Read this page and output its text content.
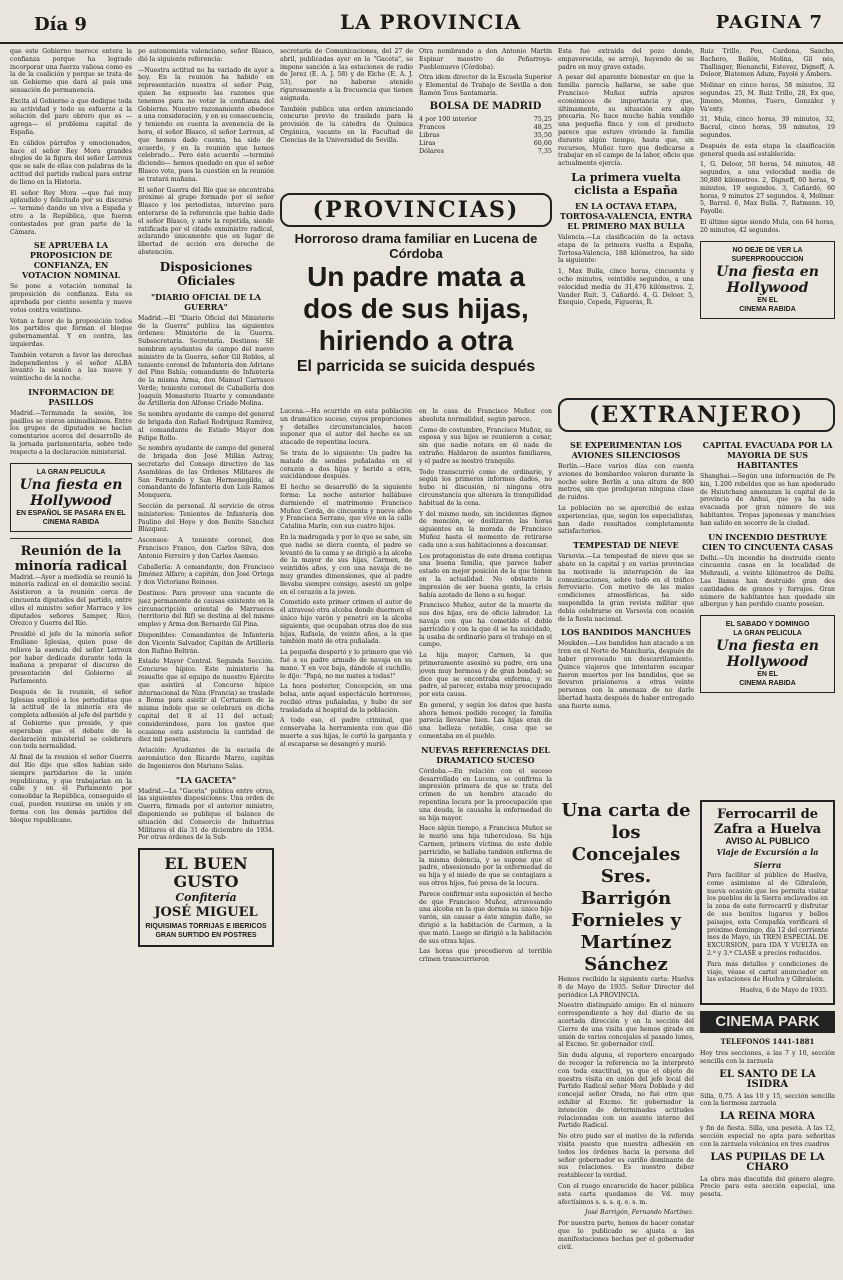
Día 9	LA PROVINCIA	PAGINA 7

que este Gobierno merece entera la confianza porque ha logrado incorporar una fuerza valiosa como es la de la coalición y porque se trata de un Gobierno que dará al país una sensación de permanencia.

Excita al Gobierno a que dedique toda su actividad y todo su esfuerzo a la solución del paro obrero que es —agrega— el problema capital de España.

En cálidos párrafos y emocionados, hace el señor Rey Mora grandes elogios de la figura del señor Lerroux que se sale de ellas con palabras de la actitud del partido radical para entrar de lleno en la Historia.

El señor Rey Mora —que fué muy aplaudido y felicitado por su discurso— terminó dando un viva a España y otro a la República, que fueron contestados por gran parte de la Cámara.

SE APRUEBA LA PROPOSICION DE CONFIANZA, EN VOTACION NOMINAL

Se pone a votación nominal la proposición de confianza. Esta es aprobada por ciento sesenta y nueve votos contra veintiuno.

Votan a favor de la proposición todos los partidos que forman el bloque gubernamental. Y en contra, las izquierdas.

También votaron a favor las derechas independientes y el señor ALBA levantó la sesión a las nueve y veintiocho de la noche.

INFORMACION DE PASILLOS

Madrid.—Terminada la sesión, los pasillos se vieron animadísimos. Entre los grupos de diputados se hacían comentarios acerca del desarrollo de la jornada parlamentaria, sobre todo respecto a la declaración ministerial.

LA GRAN PELICULA
Una fiesta en Hollywood
EN ESPAÑOL SE PASARA EN EL
CINEMA RABIDA
Reunión de la minoría radical

Madrid.—Ayer a mediodía se reunió la minoría radical en el domicilio social. Asistieron a la reunión cerca de cincuenta diputados del partido, entre ellos el ministro señor Marraco y los diputados señores Samper, Rico, Orozco y Guerra del Río.

Presidió el jefe de la minoría señor Emiliano Iglesias, quien puso de relieve la esencia del señor Lerroux por haber dedicado durante toda la mañana a preparar el discurso de presentación del Gobierno al Parlamento.

Después de la reunión, el señor Iglesias explicó a los periodistas que la actitud de la minoría era de completa adhesión al jefe del partido y al Gobierno que preside, y que esperaban que el debate de la declaración ministerial se celebrara con toda normalidad.

Al final de la reunión el señor Guerra del Río dijo que ellos habían sido siempre partidarios de la unión republicana, y que trabajarían en la calle y en el Parlamento por consolidar la República, conseguido el cual, pueden reunirse en unión y en forma con los demás partidos del bloque republicano.

po autonomista valenciano, señor Blasco, dió la siguiente referencia:

—Nuestra actitud no ha variado de ayer a hoy. En la reunión ha habido en representación nuestra el señor Puig, quien ha expuesto las razones que tenemos para no votar la confianza del Gobierno. Nuestro razonamiento obedece a una consideración, y en su consecuencia, y teniendo en cuenta la avenencia de la hora, el señor Blasco, el señor Lerroux, al que hemos dado cuenta, ha sido de acuerdo, y en la reunión que hemos celebrado... Pero éste acuerdo —terminó diciendo— hemos quedado en que el señor Blasco vote, pues la cuestión en la reunión se tratará mañana.

El señor Guerra del Río que se encontraba próximo al grupo formado por el señor Blasco y los periodistas, intervino para enterarse de la referencia que había dado el señor Blasco, y ante la repetida, siendo ratificada por el citado exministro radical, aclarando únicamente que en lugar de libertad de acción era derecho de abstención.

Disposiciones Oficiales
"DIARIO OFICIAL DE LA GUERRA"

Madrid.—El "Diario Oficial del Ministerio de la Guerra" publica las siguientes órdenes: Ministerio de la Guerra. Subsecretaría. Secretaría. Destinos: SE nombran ayudantes de campo del nuevo ministro de la Guerra, señor Gil Robles, al teniente coronel de Infantería don Adriano del Pino Bahía; comandante de Infantería de la misma Arma, don Manuel Carrasco Verde; teniente coronel de Caballería don Joaquín Monasterio Ituarte y comandante de Artillería don Alfonso Criado Molina.

Se nombra ayudante de campo del general de brigada don Rafael Rodríguez Ramírez, al comandante de Estado Mayor don Felipe Rollo.

Se nombra ayudante de campo del general de brigada don José Millán Astray, secretario del Consejo directivo de las Asambleas de las Ordenes Militares de San Fernando y San Hermenegildo, al comandante de Infantería don Luis Ramos Monquera.

Sección de personal. Al servicio de otros ministerios: Tenientes de Infantería don Paulino del Hoyo y don Benito Sánchez Blázquez.

Ascensos: A teniente coronel, don Francisco Franco, don Carlos Silva, don Antonio Ferreiro y don Carlos Asensio.

Caballería: A comandante, don Francisco Jiménez Alfaro; a capitán, don José Ortega y don Victoriano Reinoso.

Destinos: Para proveer una vacante de juez permanente de causas existente en la circunscripción oriental de Marruecos (territorio del Rif) se destina al del mismo empleo y Arma don Bernardo Gil Pina.

Disponibles: Comandantes de Infantería don Vicente Salvador, Capitán de Artillería don Rufino Beltrán.

Estado Mayor Central. Segunda Sección. Concurso hípico. Este ministerio ha resuelto que el equipo de nuestro Ejército que asistirá al Concurso hípico internacional de Niza (Francia) se traslade a Roma para asistir al Certamen de la misma índole que se celebrará en dicha capital del 8 al 11 del actual; considerándose, para los gastos que ocasione esta asistencia la cantidad de diez mil pesetas.

Aviación: Ayudantes de la escuela de aeronáutico don Ricardo Marzo, capitán de Ingenieros don Mariano Salas.

"LA GACETA"

Madrid.—La "Gaceta" publica entre otras, las siguientes disposiciones: Una orden de Guerra, firmada por el anterior ministro, disponiendo se publique el balance de situación del Consorcio de Industrias Militares el día 31 de diciembre de 1934. Por otras órdenes de la Sub-

EL BUEN GUSTO
Confitería
JOSÉ MIGUEL
RIQUISIMAS TORRIJAS E IBERICOS
GRAN SURTIDO EN POSTRES

secretaría de Comunicaciones, del 27 de abril, publicadas ayer en la "Gaceta", se impone sanción a las estaciones de radio de Jerez (E. A. J. 58) y de Elche (E. A. J. 53), por no haberse atenido rigurosamente a la frecuencia que tienen asignada.

También publica una orden anunciando concurso previo de traslado para la provisión de la cátedra de Química Orgánica, vacante en la Facultad de Ciencias de la Universidad de Sevilla.

Otra nombrando a don Antonio Martín Espinar maestro de Peñarroya-Pueblonuevo (Córdoba).

Otra idem director de la Escuela Superior y Elemental de Trabajo de Sevilla a don Ramón Tous Santamaría.

BOLSA DE MADRID
4 por 100 interior	75,25
Francos	48,25
Libras	35,50
Liras	60,60
Dólares	7,35
(PROVINCIAS)
Horroroso drama familiar en Lucena de Córdoba
Un padre mata a dos de sus hijas, hiriendo a otra
El parricida se suicida después

Lucena.—Ha ocurrido en esta población un dramático suceso, cuyos proporciones y detalles circunstanciales, hacen suponer que el autor del hecho es un atacado de repentina locura.

Se trata de lo siguiente: Un padre ha matado de sendas puñaladas en el corazón a dos hijas y herido a otra, suicidándose después.

El hecho se desarrolló de la siguiente forma: La noche anterior hallábase durmiendo el matrimonio Francisco Muñoz Cerda, de cincuenta y nueve años y Francisca Serrano, que vive en la calle Catalina Marín, con sus cuatro hijos.

En la madrugada y por lo que se sabe, sin que nadie se diera cuenta, el padre se levantó de la cama y se dirigió a la alcoba de la mayor de sus hijas, Carmen, de veintidós años, y con una navaja de no muy grandes dimensiones, que al padre llevaba siempre consigo, asestó un golpe en el corazón a la joven.

Cometido este primer crimen el autor de él atravesó otra alcoba donde duermen el único hijo varón y penetró en la alcoba siguiente, que ocupaban otras dos de sus hijas, Rafaela, de veinte años, a la que también mató de otra puñalada.

La pequeña despertó y lo primero que vió fué a su padre armado de navaja en su mano. Y en voz baja, dándole el cuchillo, le dijo: "Papá, no me mates a todas!"

La hora posterior, Concepción, en una bolsa, ante aquel espectáculo horroroso, recibió otras puñaladas, y hubo de ser trasladada al hospital de la población.

A todo eso, el padre criminal, que conservaba la herramienta con que dió muerte a sus hijas, le cortó la garganta y al escaparse se desangró y murió.

en la casa de Francisco Muñoz con absoluta normalidad, según parece.

Como de costumbre, Francisco Muñoz, su esposa y sus hijos se reunieron a cenar, sin que nadie notara en él nada de extraño. Hablaron de asuntos familiares, y el padre se mostró tranquilo.

Todo transcurrió como de ordinario, y según los primeros informes dados, no hubo ni discusión, ni ninguna otra circunstancia que alterara la tranquilidad habitual de la cena.

Y del mismo modo, sin incidentes dignos de mención, se deslizaron las horas siguientes en la morada de Francisco Muñoz hasta el momento de retirarse cada uno a sus habitaciones a descansar.

Los protagonistas de este drama contigua una buena familia, que parece haber estado en mejor posición de la que tienen en la actualidad. No obstante la impresión de ser buena gente, la crisis había azotado de lleno a su hogar.

Francisco Muñoz, autor de la muerte de sus dos hijas, era de oficio labrador. La navaja con que ha cometido el doble parricidio y con la que él se ha suicidado, la usaba de ordinario para el trabajo en el campo.

La hija mayor, Carmen, la que primeramente asesinó su padre, era una joven muy hermosa y de gran bondad; se dice que se encontraba enferma, y su padre, al parecer, estaba muy preocupado por esta causa.

En general, y según los datos que hasta ahora hemos podido recoger, la familia parecía llevarse bien. Las hijas eran de una belleza notable, cosa que se comentaba en el pueblo.

NUEVAS REFERENCIAS DEL DRAMATICO SUCESO

Córdoba.—En relación con el suceso desarrollado en Lucena, se confirma la impresión primera de que se trata del crimen de un hombre atacado de repentina locura por la preocupación que una deuda, le causaba la enfermedad de su hija mayor.

Hace algún tiempo, a Francisca Muñoz se le murió una hija tuberculosa. Su hija Carmen, primera víctima de este doble parricidio, se hallaba también enferma de la misma dolencia, y se supone que el padre, obsesionado por la enfermedad de su hija y el miedo de que se contagiara a sus otros hijos, fué presa de la locura.

Parece confirmar esta suposición el hecho de que Francisco Muñoz, atravesando una alcoba en la que dormía su único hijo varón, sin causar a éste ningún daño, se dirigió a la habitación de Carmen, a la que mató. Luego se dirigió a la habitación de sus otras hijas.

Las horas que precedieron al terrible crimen transcurrieron

Esta fué extraída del pozo donde, empavorecida, se arrojó, huyendo de su padre en muy grave estado.

A pesar del aparente bienestar en que la familia parecía hallarse, se sabe que Francisco Muñoz sufría apuros económicos de importancia y que, últimamente, su situación era algo precaria. No hace mucho había vendido una pequeña finca y con el producto parece que estuvo viviendo la familia durante algún tiempo, hasta que, sin recursos, Muñoz tuvo que dedicarse a trabajar en el campo de la labor, oficio que actualmente ejercía.

La primera vuelta ciclista a España
EN LA OCTAVA ETAPA, TORTOSA-VALENCIA, ENTRA EL PRIMERO MAX BULLA

Valencia.—La clasificación de la octava etapa de la primera vuelta a España, Tortosa-Valencia, 188 kilómetros, ha sido la siguiente:

1, Max Bulla, cinco horas, cincuenta y ocho minutos, veintidós segundos, a una velocidad media de 31,476 kilómetros. 2, Vander Ruit. 3, Cañardó. 4, G. Deloor. 5, Exequio, Cepeda, Figueras, R.

Ruiz Trillo, Pou, Cardona, Sancho, Bachero, Bailón, Molina, Gil nés, Thallinger, Bienanchi, Estevez, Digneff, A. Deloor, Blatemen Adam, Fayolé y Ambers.

Molinar en cinco horas, 58 minutos, 32 segundos. 25, M. Ruiz Trillo, 28, Ex que, Jimeno, Montes, Tuero, González y Va'enty.

31, Mula, cinco horas, 39 minutos, 32, Bacral, cinco horas, 59 minutos, 19 segundos.

Después de esta etapa la clasificación general queda así establecida:

1, G. Deloor, 50 horas, 54 minutos, 48 segundos, a una velocidad media de 30,880 kilómetros. 2, Digneff, 60 horas, 9 minutos, 19 segundos. 3, Cañardó, 60 horas, 9 minutos 27 segundos. 4, Molinar. 5, Barral. 6, Max Bulla. 7, Ratmann. 10, Fayolle.

El último sigue siendo Mula, con 64 horas, 20 minutos, 42 segundos.

NO DEJE DE VER LA SUPERPRODUCCION
Una fiesta en Hollywood
EN EL
CINEMA RABIDA
(EXTRANJERO)
SE EXPERIMENTAN LOS AVIONES SILENCIOSOS

Berlín.—Hace varios días con cuenta aviones de bombardeo volaron durante la noche sobre Berlín a una altura de 800 metros, sin que produjeran ninguna clase de ruidos.

La población no se apercibió de estas experiencias, que, según los especialistas, han dado resultados completamente satisfactorios.

TEMPESTAD DE NIEVE

Varsovia.—La tempestad de nieve que se abate en la capital y en varias provincias ha motivado la interrupción de las comunicaciones, sobre todo en el tráfico ferroviario. Con motivo de las malas condiciones atmosféricas, ha sido suspendida la gran revista militar que debía celebrarse en Varsovia con ocasión de la fiesta nacional.

LOS BANDIDOS MANCHUES

Moukden.—Los bandidos han atacado a un tren en el Norte de Manchuria, después de haber provocado un descarrilamiento. Quince viajeros que intentaron escapar fueron muertos por los bandidos, que se llevaron prisioneros a otras veinte personas con la amenaza de no darle libertad hasta después de haber entregado una fuerte suma.

CAPITAL EVACUADA POR LA MAYORIA DE SUS HABITANTES

Shanghai.—Según una información de Pe kin, 1.200 rebeldes que se han apoderado de Hsiutchang amenazan la capital de la provincia de Anhui, que ya ha sido evacuada por gran número de sus habitantes. Tropas japonesas y manchúes han salido en socorro de la ciudad.

UN INCENDIO DESTRUYE CIEN TO CINCUENTA CASAS

Delhi.—Un incendio ha destruido ciento cincuenta casas en la localidad de Mehrauli, a veinte kilómetros de Delhi. Las llamas han destruido gran des cantidades de granos y forrajes. Gran número de habitantes han quedado sin albergue y han perdido cuanto poseían.

EL SABADO Y DOMINGO
LA GRAN PELICULA
Una fiesta en Hollywood
EN EL
CINEMA RABIDA
Una carta de los Concejales Sres. Barrigón Fornieles y Martínez Sánchez

Hemos recibido la siguiente carta: Huelva 8 de Mayo de 1935. Señor Director del periódico LA PROVINCIA.

Nuestro distinguido amigo: En el número correspondiente a hoy del diario de su acertada dirección y en la sección del Cierre de una visita que hemos girado en unión de varios concejales el pasado lunes, al Excmo. Sr. gobernador civil.

Sin duda alguna, el reportero encargado de recoger la referencia no la interpretó con toda exactitud, ya que el objeto de nuestra visita en unión del jefe local del Partido Radical señor Mora Doblado y del concejal señor Orada, no fué otro que exhibir al Excmo. Sr. gobernador la intención de determinadas actitudes relacionadas con un asunto interno del Partido Radical.

No otro pudo ser el motivo de la referida visita puesto que nuestra adhesión en todos los órdenes hacia la persona del señor gobernador es cariño dominante de sus relaciones. Es nuestro deber restablecer la verdad.

Con el ruego encarecido de hacer pública esta carta quedamos de Vd. muy afectísimos s. s. s. q. e. s. m.

José Barrigón, Fernando Martínez.

Por nuestra parte, hemos de hacer constar que lo publicado se ajusta a las manifestaciones hechas por el gobernador civil.

Ferrocarril de Zafra a Huelva
AVISO AL PUBLICO
Viaje de Excursión a la Sierra

Para facilitar al público de Huelva, como asimismo al de Gibraleón, nueva ocasión que les permita visitar los pueblos de la Sierra enclavados en la zona de este ferrocarril y disfrutar de sus bonitos lugares y bellos paisajes, esta Compañía verificará el próximo domingo, día 12 del corriente mes de Mayo, un TREN ESPECIAL DE EXCURSION, para IDA Y VUELTA en 2.ª y 3.ª CLASE a precios reducidos.

Para más detalles y condiciones de viaje, véase el cartel anunciador en las estaciones de Huelva y Gibraleón.

Huelva, 6 de Mayo de 1935.

CINEMA PARK
TELEFONOS 1441-1881

Hoy tres secciones, a las 7 y 10, sección sencilla con la zarzuela

EL SANTO DE LA ISIDRA

Silla, 0,75. A las 10 y 15, sección sencilla con la hermosa zarzuela

LA REINA MORA

y fin de fiesta. Silla, una peseta. A las 12, sección especial no apta para señoritas con la zarzuela volcánica en tres cuadros

LAS PUPILAS DE LA CHARO

La obra más discutida del género alegre. Precio para esta sección especial, una peseta.
